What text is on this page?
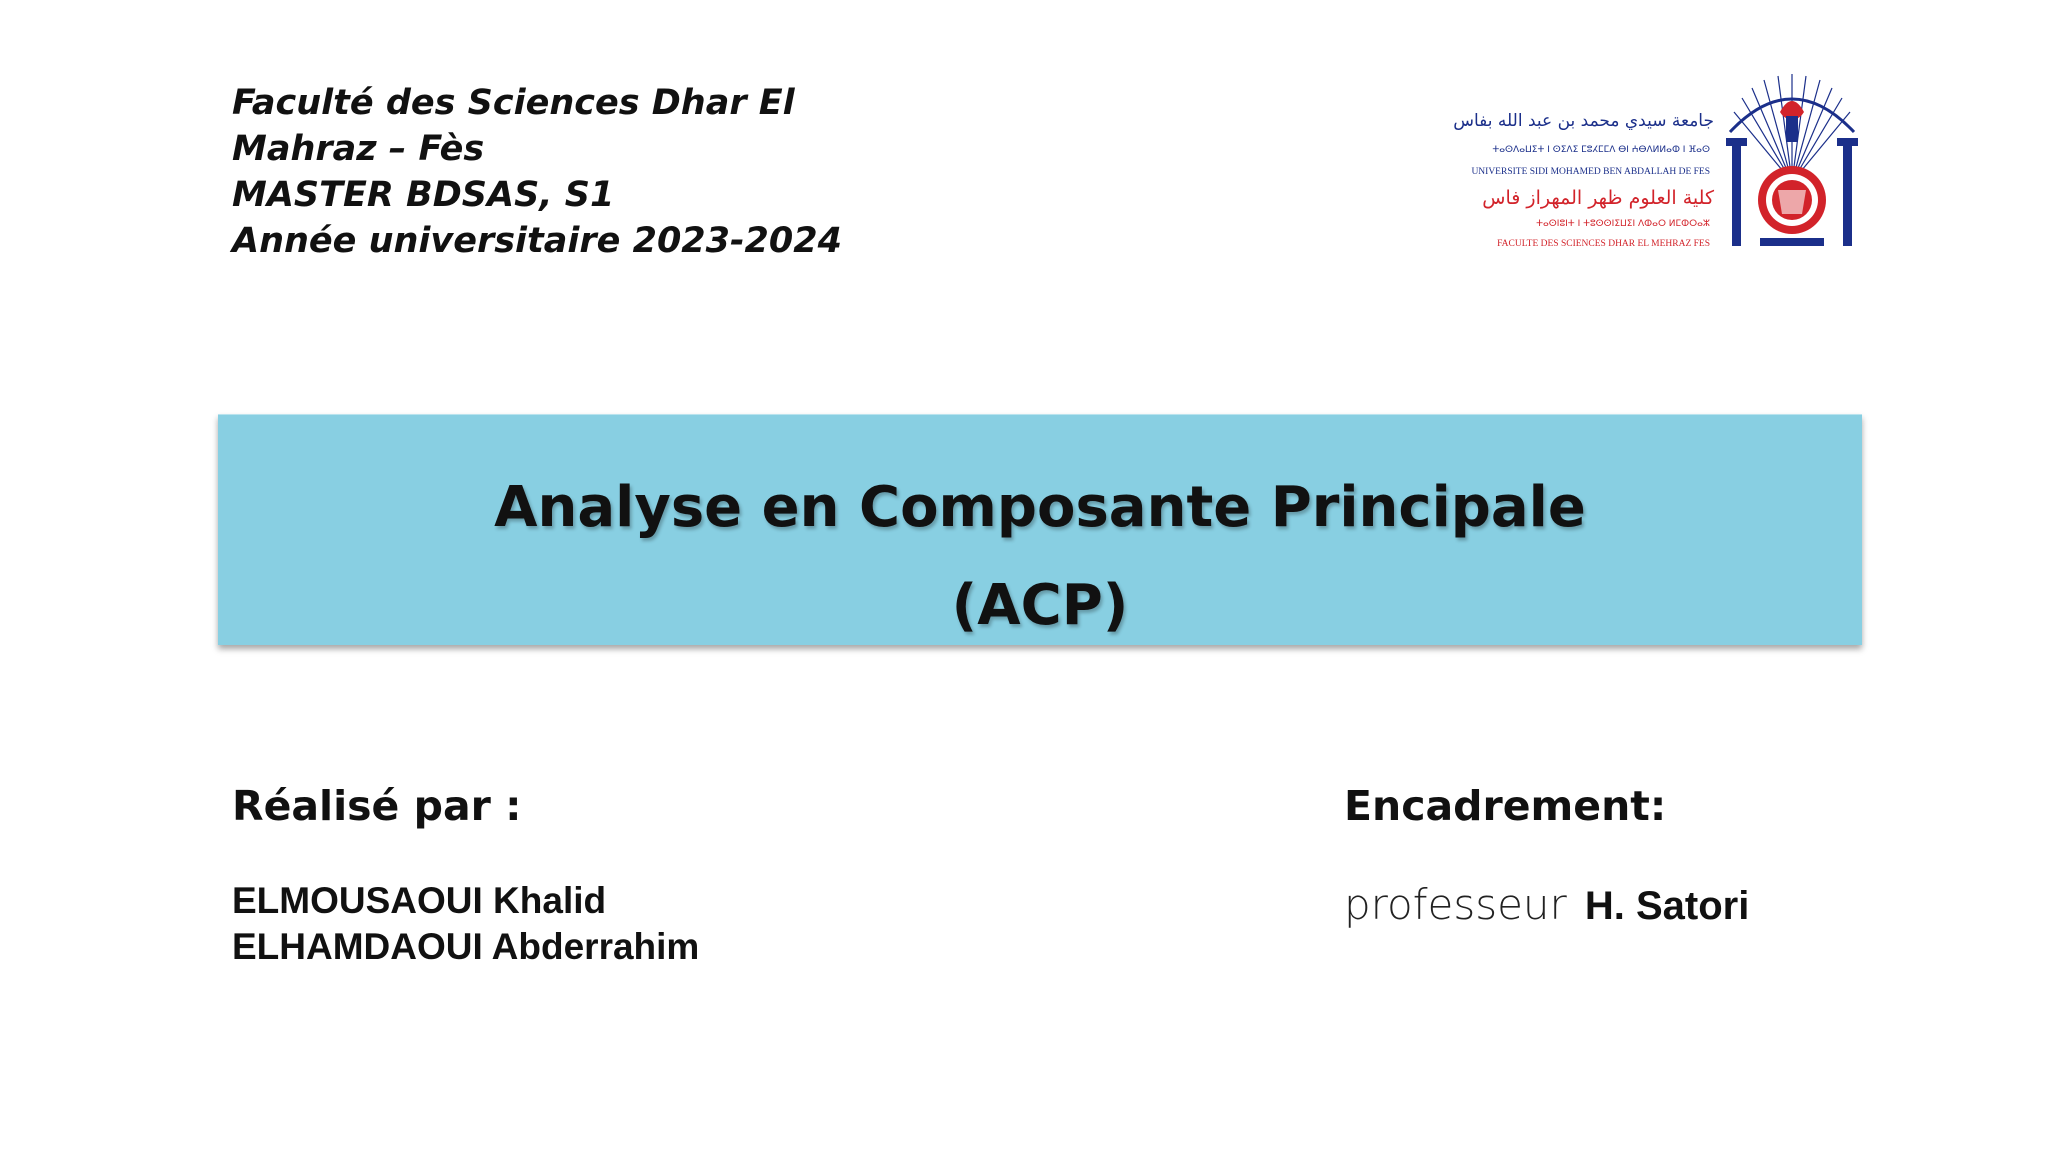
Faculté des Sciences Dhar El
Mahraz – Fès
MASTER BDSAS, S1
Année universitaire 2023-2024
جامعة سيدي محمد بن عبد الله بفاس
ⵜⴰⵙⴷⴰⵡⵉⵜ ⵏ ⵙⵉⴷⵉ ⵎⵓⵃⵎⵎⴷ ⴱⵏ ⵄⴱⴷⵍⵍⴰⵀ ⵏ ⴼⴰⵙ
UNIVERSITE SIDI MOHAMED BEN ABDALLAH DE FES
كلية العلوم ظهر المهراز فاس
ⵜⴰⵙⵏⵓⵏⵜ ⵏ ⵜⵓⵙⵙⵏⵉⵡⵉⵏ ⴷⵀⴰⵔ ⵍⵎⵀⵔⴰⵣ
FACULTE DES SCIENCES DHAR EL MEHRAZ FES
Analyse en Composante Principale
(ACP)
Réalisé par :
ELMOUSAOUI Khalid
ELHAMDAOUI Abderrahim
Encadrement:
professeur H. Satori
